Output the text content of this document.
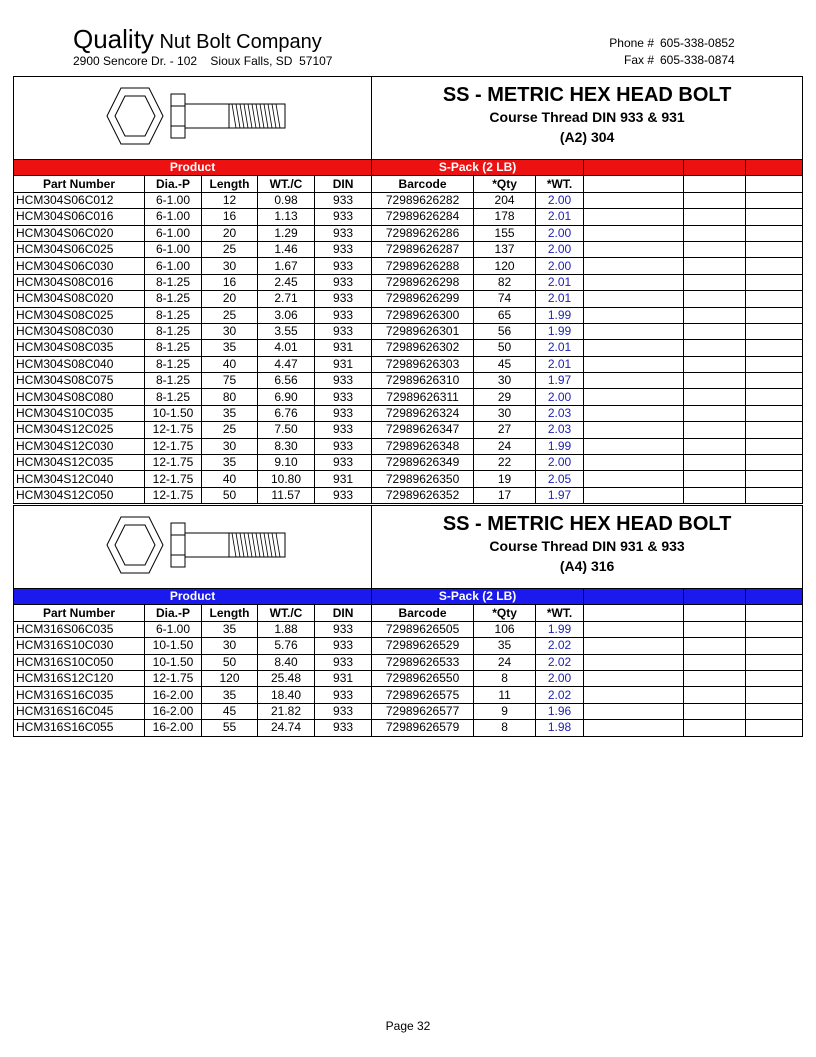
Quality Nut Bolt Company
2900 Sencore Dr. - 102    Sioux Falls, SD  57107
Phone # 605-338-0852
Fax # 605-338-0874

SS - METRIC HEX HEAD BOLT
Course Thread DIN 933 & 931
(A2) 304					

Product					S-Pack (2 LB)					
Part Number	Dia.-P	Length	WT./C	DIN	Barcode	*Qty	*WT.			
HCM304S06C012	6-1.00	12	0.98	933	72989626282	204	2.00			
HCM304S06C016	6-1.00	16	1.13	933	72989626284	178	2.01			
HCM304S06C020	6-1.00	20	1.29	933	72989626286	155	2.00			
HCM304S06C025	6-1.00	25	1.46	933	72989626287	137	2.00			
HCM304S06C030	6-1.00	30	1.67	933	72989626288	120	2.00			
HCM304S08C016	8-1.25	16	2.45	933	72989626298	82	2.01			
HCM304S08C020	8-1.25	20	2.71	933	72989626299	74	2.01			
HCM304S08C025	8-1.25	25	3.06	933	72989626300	65	1.99			
HCM304S08C030	8-1.25	30	3.55	933	72989626301	56	1.99			
HCM304S08C035	8-1.25	35	4.01	931	72989626302	50	2.01			
HCM304S08C040	8-1.25	40	4.47	931	72989626303	45	2.01			
HCM304S08C075	8-1.25	75	6.56	933	72989626310	30	1.97			
HCM304S08C080	8-1.25	80	6.90	933	72989626311	29	2.00			
HCM304S10C035	10-1.50	35	6.76	933	72989626324	30	2.03			
HCM304S12C025	12-1.75	25	7.50	933	72989626347	27	2.03			
HCM304S12C030	12-1.75	30	8.30	933	72989626348	24	1.99			
HCM304S12C035	12-1.75	35	9.10	933	72989626349	22	2.00			
HCM304S12C040	12-1.75	40	10.80	931	72989626350	19	2.05			
HCM304S12C050	12-1.75	50	11.57	933	72989626352	17	1.97			

SS - METRIC HEX HEAD BOLT
Course Thread DIN 931 & 933
(A4) 316					

Product					S-Pack (2 LB)					
Part Number	Dia.-P	Length	WT./C	DIN	Barcode	*Qty	*WT.			
HCM316S06C035	6-1.00	35	1.88	933	72989626505	106	1.99			
HCM316S10C030	10-1.50	30	5.76	933	72989626529	35	2.02			
HCM316S10C050	10-1.50	50	8.40	933	72989626533	24	2.02			
HCM316S12C120	12-1.75	120	25.48	931	72989626550	8	2.00			
HCM316S16C035	16-2.00	35	18.40	933	72989626575	11	2.02			
HCM316S16C045	16-2.00	45	21.82	933	72989626577	9	1.96			
HCM316S16C055	16-2.00	55	24.74	933	72989626579	8	1.98			
Page 32
